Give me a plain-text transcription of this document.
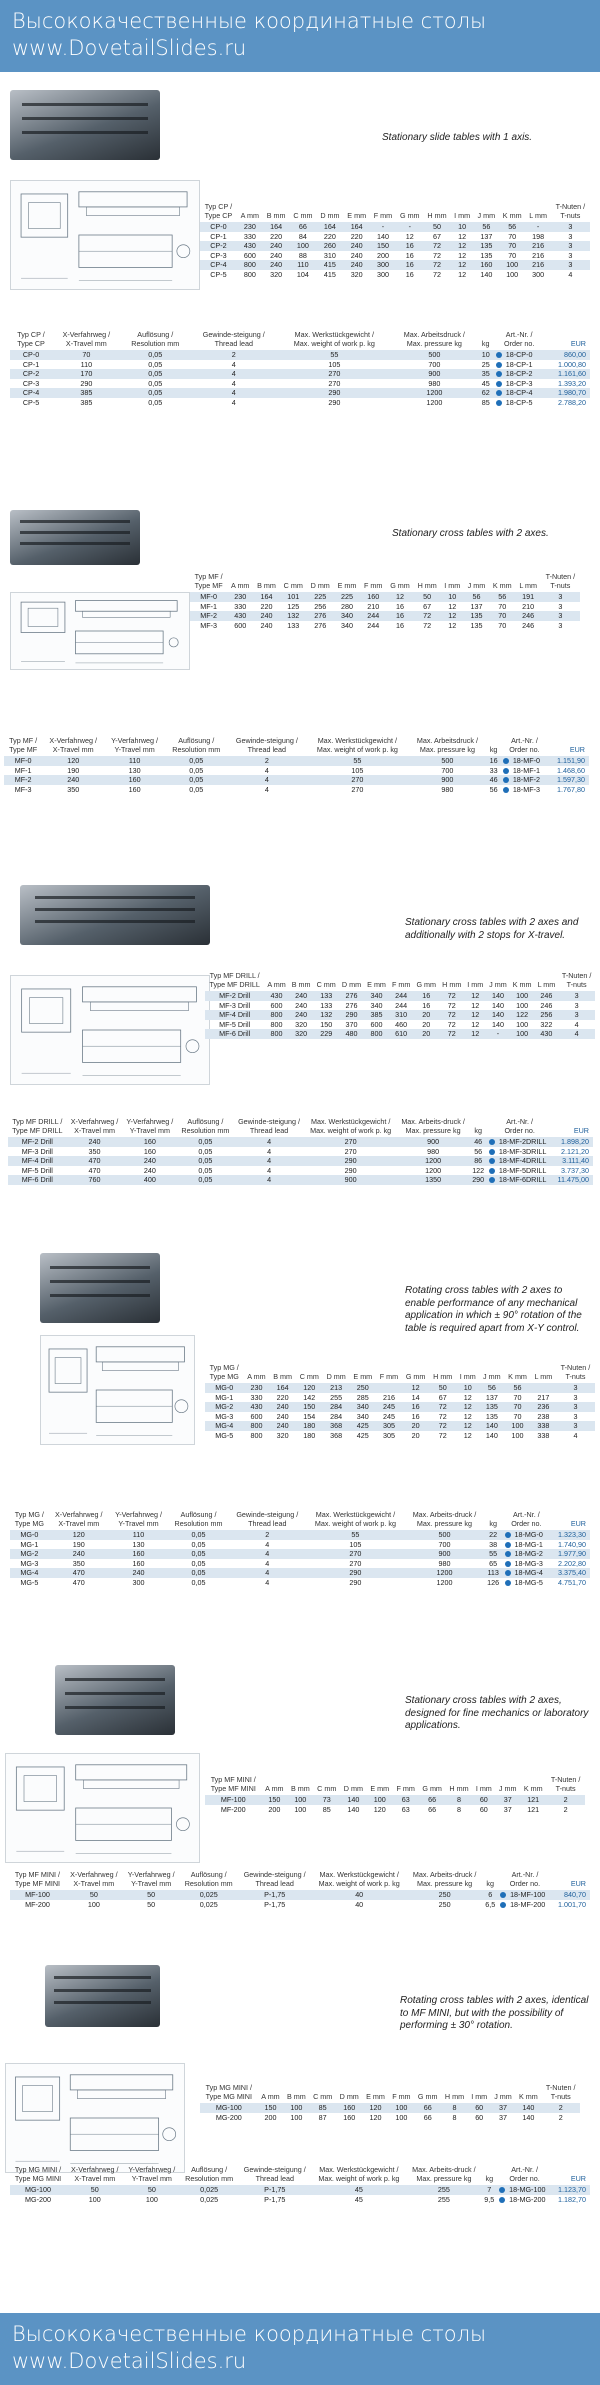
Высококачественные координатные столы
www.DovetailSlides.ru
Stationary slide tables with 1 axis.
Typ CP /
Type CP	A mm	B mm	C mm	D mm	E mm	F mm	G mm	H mm	I mm	J mm	K mm	L mm	T-Nuten /
T-nuts
CP-0	230	164	66	164	164	-	-	50	10	56	56	-	3
CP-1	330	220	84	220	220	140	12	67	12	137	70	198	3
CP-2	430	240	100	260	240	150	16	72	12	135	70	216	3
CP-3	600	240	88	310	240	200	16	72	12	135	70	216	3
CP-4	800	240	110	415	240	300	16	72	12	160	100	216	3
CP-5	800	320	104	415	320	300	16	72	12	140	100	300	4
Typ CP /
Type CP	X-Verfahrweg /
X-Travel mm	Auflösung /
Resolution mm	Gewinde-steigung /
Thread lead	Max. Werkstückgewicht /
Max. weight of work p. kg	Max. Arbeitsdruck /
Max. pressure kg	kg	Art.-Nr. /
Order no.		EUR
CP-0	70	0,05	2	55	500	10		18-CP-0	860,00
CP-1	110	0,05	4	105	700	25		18-CP-1	1.000,80
CP-2	170	0,05	4	270	900	35		18-CP-2	1.161,60
CP-3	290	0,05	4	270	980	45		18-CP-3	1.393,20
CP-4	385	0,05	4	290	1200	62		18-CP-4	1.980,70
CP-5	385	0,05	4	290	1200	85		18-CP-5	2.788,20
Stationary cross tables with 2 axes.
Typ MF /
Type MF	A mm	B mm	C mm	D mm	E mm	F mm	G mm	H mm	I mm	J mm	K mm	L mm	T-Nuten /
T-nuts
MF-0	230	164	101	225	225	160	12	50	10	56	56	191	3
MF-1	330	220	125	256	280	210	16	67	12	137	70	210	3
MF-2	430	240	132	276	340	244	16	72	12	135	70	246	3
MF-3	600	240	133	276	340	244	16	72	12	135	70	246	3
Typ MF /
Type MF	X-Verfahrweg /
X-Travel mm	Y-Verfahrweg /
Y-Travel mm	Auflösung /
Resolution mm	Gewinde-steigung /
Thread lead	Max. Werkstückgewicht /
Max. weight of work p. kg	Max. Arbeitsdruck /
Max. pressure kg	kg	Art.-Nr. /
Order no.		EUR
MF-0	120	110	0,05	2	55	500	16		18-MF-0	1.151,90
MF-1	190	130	0,05	4	105	700	33		18-MF-1	1.468,60
MF-2	240	160	0,05	4	270	900	46		18-MF-2	1.597,30
MF-3	350	160	0,05	4	270	980	56		18-MF-3	1.767,80
Stationary cross tables with 2 axes and
additionally with 2 stops for X-travel.
Typ MF DRILL /
Type MF DRILL	A mm	B mm	C mm	D mm	E mm	F mm	G mm	H mm	I mm	J mm	K mm	L mm	T-Nuten /
T-nuts
MF-2 Drill	430	240	133	276	340	244	16	72	12	140	100	246	3
MF-3 Drill	600	240	133	276	340	244	16	72	12	140	100	246	3
MF-4 Drill	800	240	132	290	385	310	20	72	12	140	122	256	3
MF-5 Drill	800	320	150	370	600	460	20	72	12	140	100	322	4
MF-6 Drill	800	320	229	480	800	610	20	72	12	-	100	430	4
Typ MF DRILL /
Type MF DRILL	X-Verfahrweg /
X-Travel mm	Y-Verfahrweg /
Y-Travel mm	Auflösung /
Resolution mm	Gewinde-steigung /
Thread lead	Max. Werkstückgewicht /
Max. weight of work p. kg	Max. Arbeits-druck /
Max. pressure kg	kg	Art.-Nr. /
Order no.		EUR
MF-2 Drill	240	160	0,05	4	270	900	46		18-MF-2DRILL	1.898,20
MF-3 Drill	350	160	0,05	4	270	980	56		18-MF-3DRILL	2.121,20
MF-4 Drill	470	240	0,05	4	290	1200	86		18-MF-4DRILL	3.111,40
MF-5 Drill	470	240	0,05	4	290	1200	122		18-MF-5DRILL	3.737,30
MF-6 Drill	760	400	0,05	4	900	1350	290		18-MF-6DRILL	11.475,00
Rotating cross tables with 2 axes to
enable performance of any mechanical
application in which ± 90° rotation of the
table is required apart from X-Y control.
Typ MG /
Type MG	A mm	B mm	C mm	D mm	E mm	F mm	G mm	H mm	I mm	J mm	K mm	L mm	T-Nuten /
T-nuts
MG-0	230	164	120	213	250		12	50	10	56	56		3
MG-1	330	220	142	255	285	216	14	67	12	137	70	217	3
MG-2	430	240	150	284	340	245	16	72	12	135	70	236	3
MG-3	600	240	154	284	340	245	16	72	12	135	70	238	3
MG-4	800	240	180	368	425	305	20	72	12	140	100	338	3
MG-5	800	320	180	368	425	305	20	72	12	140	100	338	4
Typ MG /
Type MG	X-Verfahrweg /
X-Travel mm	Y-Verfahrweg /
Y-Travel mm	Auflösung /
Resolution mm	Gewinde-steigung /
Thread lead	Max. Werkstückgewicht /
Max. weight of work p. kg	Max. Arbeits-druck /
Max. pressure kg	kg	Art.-Nr. /
Order no.		EUR
MG-0	120	110	0,05	2	55	500	22		18-MG-0	1.323,30
MG-1	190	130	0,05	4	105	700	38		18-MG-1	1.740,90
MG-2	240	160	0,05	4	270	900	55		18-MG-2	1.977,90
MG-3	350	160	0,05	4	270	980	65		18-MG-3	2.202,80
MG-4	470	240	0,05	4	290	1200	113		18-MG-4	3.375,40
MG-5	470	300	0,05	4	290	1200	126		18-MG-5	4.751,70
Stationary cross tables with 2 axes,
designed for fine mechanics or laboratory
applications.
Typ MF MINI /
Type MF MINI	A mm	B mm	C mm	D mm	E mm	F mm	G mm	H mm	I mm	J mm	K mm	T-Nuten /
T-nuts
MF-100	150	100	73	140	100	63	66	8	60	37	121	2
MF-200	200	100	85	140	120	63	66	8	60	37	121	2
Typ MF MINI /
Type MF MINI	X-Verfahrweg /
X-Travel mm	Y-Verfahrweg /
Y-Travel mm	Auflösung /
Resolution mm	Gewinde-steigung /
Thread lead	Max. Werkstückgewicht /
Max. weight of work p. kg	Max. Arbeits-druck /
Max. pressure kg	kg	Art.-Nr. /
Order no.		EUR
MF-100	50	50	0,025	P-1,75	40	250	6		18-MF-100	840,70
MF-200	100	50	0,025	P-1,75	40	250	6,5		18-MF-200	1.001,70
Rotating cross tables with 2 axes, identical
to MF MINI, but with the possibility of
performing ± 30° rotation.
Typ MG MINI /
Type MG MINI	A mm	B mm	C mm	D mm	E mm	F mm	G mm	H mm	I mm	J mm	K mm	T-Nuten /
T-nuts
MG-100	150	100	85	160	120	100	66	8	60	37	140	2
MG-200	200	100	87	160	120	100	66	8	60	37	140	2
Typ MG MINI /
Type MG MINI	X-Verfahrweg /
X-Travel mm	Y-Verfahrweg /
Y-Travel mm	Auflösung /
Resolution mm	Gewinde-steigung /
Thread lead	Max. Werkstückgewicht /
Max. weight of work p. kg	Max. Arbeits-druck /
Max. pressure kg	kg	Art.-Nr. /
Order no.		EUR
MG-100	50	50	0,025	P-1,75	45	255	7		18-MG-100	1.123,70
MG-200	100	100	0,025	P-1,75	45	255	9,5		18-MG-200	1.182,70
Высококачественные координатные столы
www.DovetailSlides.ru
